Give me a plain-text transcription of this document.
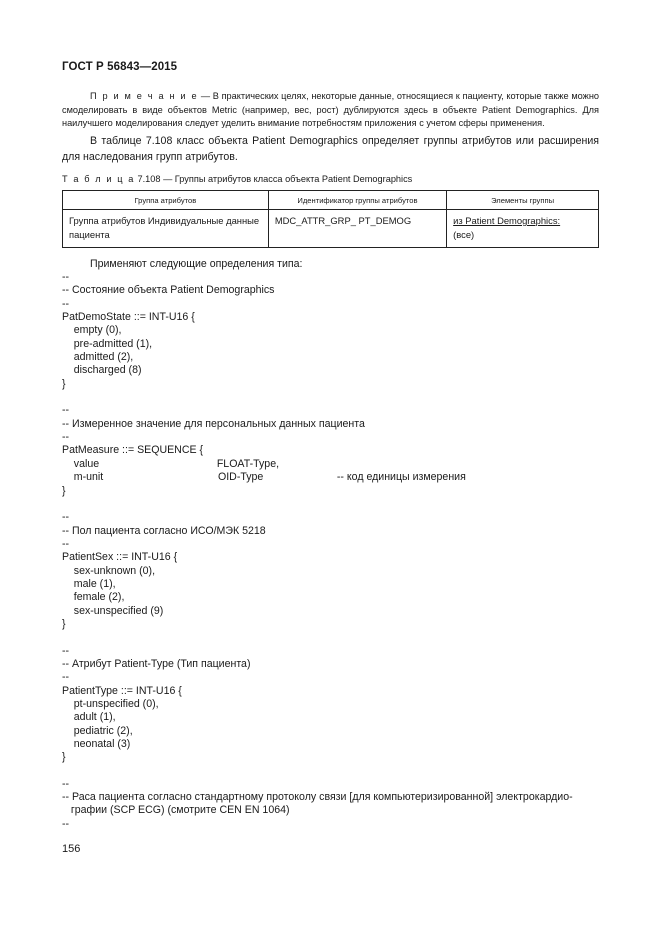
ГОСТ Р 56843—2015
П р и м е ч а н и е — В практических целях, некоторые данные, относящиеся к пациенту, которые также можно смоделировать в виде объектов Metric (например, вес, рост) дублируются здесь в объекте Patient Demographics. Для наилучшего моделирования следует уделить внимание потребностям приложения с учетом сферы применения.
В таблице 7.108 класс объекта Patient Demographics определяет группы атрибутов или расширения для наследования групп атрибутов.
Т а б л и ц а 7.108 — Группы атрибутов класса объекта Patient Demographics
Группа атрибутов	Идентификатор группы атрибутов	Элементы группы
Группа атрибутов Индивидуальные данные пациента	MDC_ATTR_GRP_ PT_DEMOG	из Patient Demographics:
(все)
Применяют следующие определения типа:
--
-- Состояние объекта Patient Demographics
--
PatDemoState ::= INT-U16 {
empty (0),
pre-admitted (1),
admitted (2),
discharged (8)
}
--
-- Измеренное значение для персональных данных пациента
--
PatMeasure ::= SEQUENCE {
value                                        FLOAT-Type,
m-unit                                       OID-Type                         -- код единицы измерения
}
--
-- Пол пациента согласно ИСО/МЭК 5218
--
PatientSex ::= INT-U16 {
sex-unknown (0),
male (1),
female (2),
sex-unspecified (9)
}
--
-- Атрибут Patient-Type (Тип пациента)
--
PatientType ::= INT-U16 {
pt-unspecified (0),
adult (1),
pediatric (2),
neonatal (3)
}
--
-- Раса пациента согласно стандартному протоколу связи [для компьютеризированной] электрокардио-
графии (SCP ECG) (смотрите CEN EN 1064)
--
156
